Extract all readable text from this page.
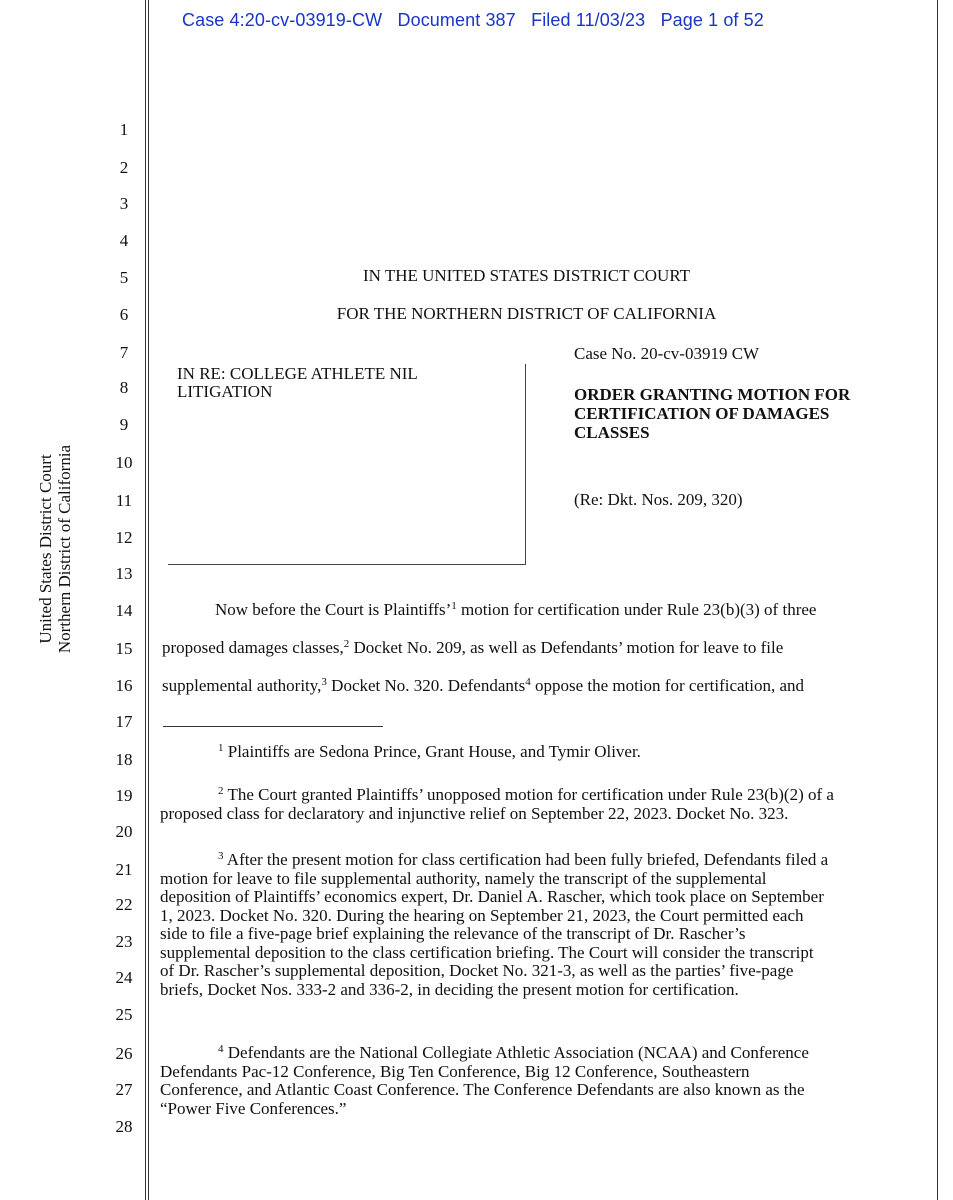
Case 4:20-cv-03919-CW Document 387 Filed 11/03/23 Page 1 of 52
United States District Court Northern District of California
1
2
3
4
5
6
7
8
9
10
11
12
13
14
15
16
17
18
19
20
21
22
23
24
25
26
27
28
IN THE UNITED STATES DISTRICT COURT
FOR THE NORTHERN DISTRICT OF CALIFORNIA
IN RE: COLLEGE ATHLETE NIL
LITIGATION
Case No. 20-cv-03919 CW
ORDER GRANTING MOTION FOR
CERTIFICATION OF DAMAGES
CLASSES
(Re: Dkt. Nos. 209, 320)
Now before the Court is Plaintiffs’$^1$ motion for certification under Rule 23(b)(3) of three
proposed damages classes,$^2$ Docket No. 209, as well as Defendants’ motion for leave to file
supplemental authority,$^3$ Docket No. 320. Defendants$^4$ oppose the motion for certification, and
$^1$ Plaintiffs are Sedona Prince, Grant House, and Tymir Oliver.
$^2$ The Court granted Plaintiffs’ unopposed motion for certification under Rule 23(b)(2) of a
proposed class for declaratory and injunctive relief on September 22, 2023. Docket No. 323.
$^3$ After the present motion for class certification had been fully briefed, Defendants filed a
motion for leave to file supplemental authority, namely the transcript of the supplemental
deposition of Plaintiffs’ economics expert, Dr. Daniel A. Rascher, which took place on September
1, 2023. Docket No. 320. During the hearing on September 21, 2023, the Court permitted each
side to file a five-page brief explaining the relevance of the transcript of Dr. Rascher’s
supplemental deposition to the class certification briefing. The Court will consider the transcript
of Dr. Rascher’s supplemental deposition, Docket No. 321-3, as well as the parties’ five-page
briefs, Docket Nos. 333-2 and 336-2, in deciding the present motion for certification.
$^4$ Defendants are the National Collegiate Athletic Association (NCAA) and Conference
Defendants Pac-12 Conference, Big Ten Conference, Big 12 Conference, Southeastern
Conference, and Atlantic Coast Conference. The Conference Defendants are also known as the
“Power Five Conferences.”
